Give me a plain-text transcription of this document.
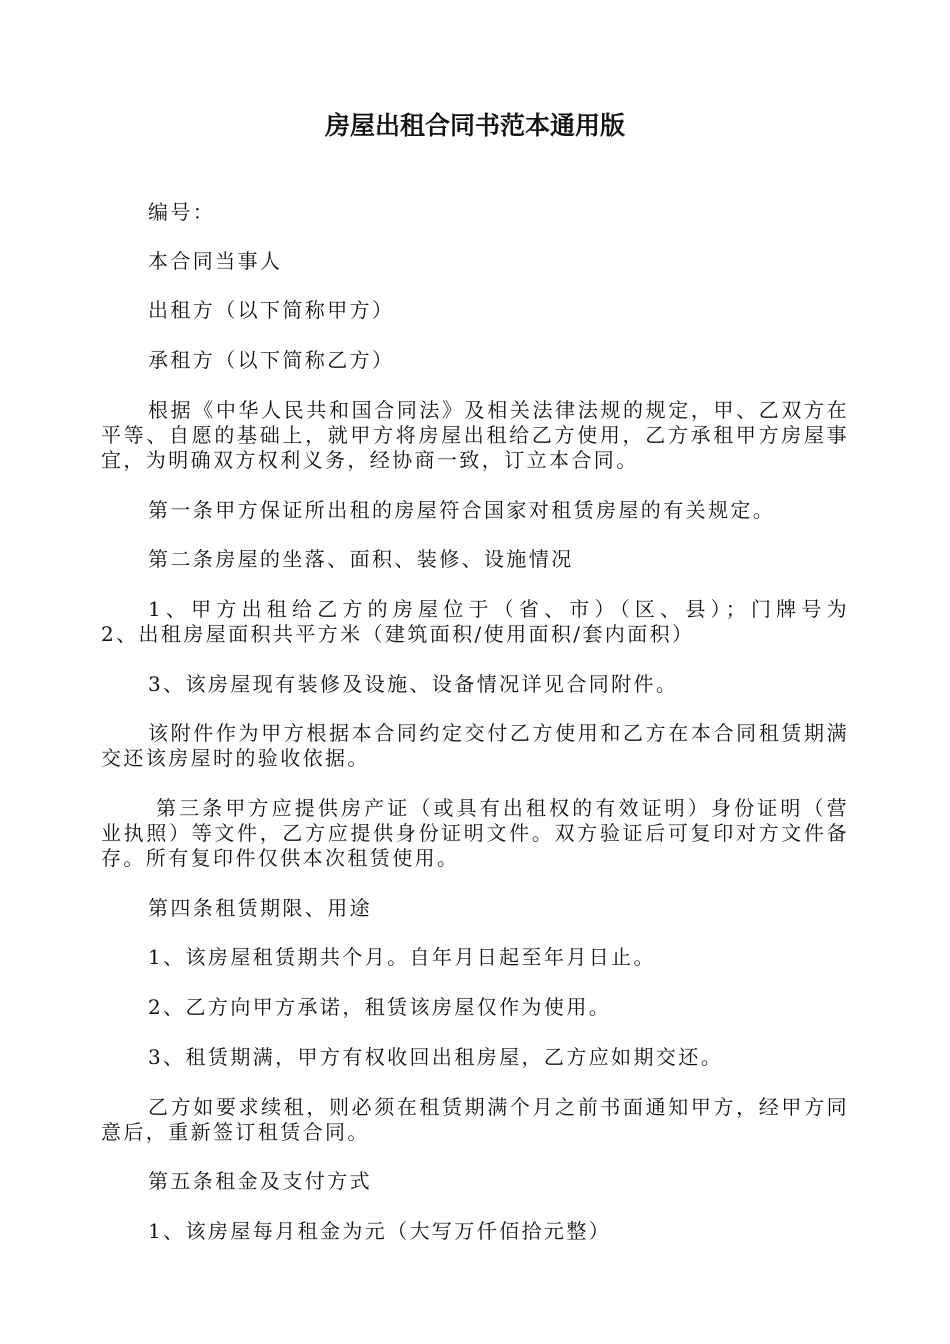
房屋出租合同书范本通用版
编号：
本合同当事人
出租方（以下简称甲方）
承租方（以下简称乙方）
根据《中华人民共和国合同法》及相关法律法规的规定，甲、乙双方在平等、自愿的基础上，就甲方将房屋出租给乙方使用，乙方承租甲方房屋事宜，为明确双方权利义务，经协商一致，订立本合同。
第一条甲方保证所出租的房屋符合国家对租赁房屋的有关规定。
第二条房屋的坐落、面积、装修、设施情况
1、甲方出租给乙方的房屋位于（省、市）（区、县）；门牌号为
2、出租房屋面积共平方米（建筑面积/使用面积/套内面积）
3、该房屋现有装修及设施、设备情况详见合同附件。
该附件作为甲方根据本合同约定交付乙方使用和乙方在本合同租赁期满交还该房屋时的验收依据。
第三条甲方应提供房产证（或具有出租权的有效证明）身份证明（营业执照）等文件，乙方应提供身份证明文件。双方验证后可复印对方文件备存。所有复印件仅供本次租赁使用。
第四条租赁期限、用途
1、该房屋租赁期共个月。自年月日起至年月日止。
2、乙方向甲方承诺，租赁该房屋仅作为使用。
3、租赁期满，甲方有权收回出租房屋，乙方应如期交还。
乙方如要求续租，则必须在租赁期满个月之前书面通知甲方，经甲方同意后，重新签订租赁合同。
第五条租金及支付方式
1、该房屋每月租金为元（大写万仟佰拾元整）
